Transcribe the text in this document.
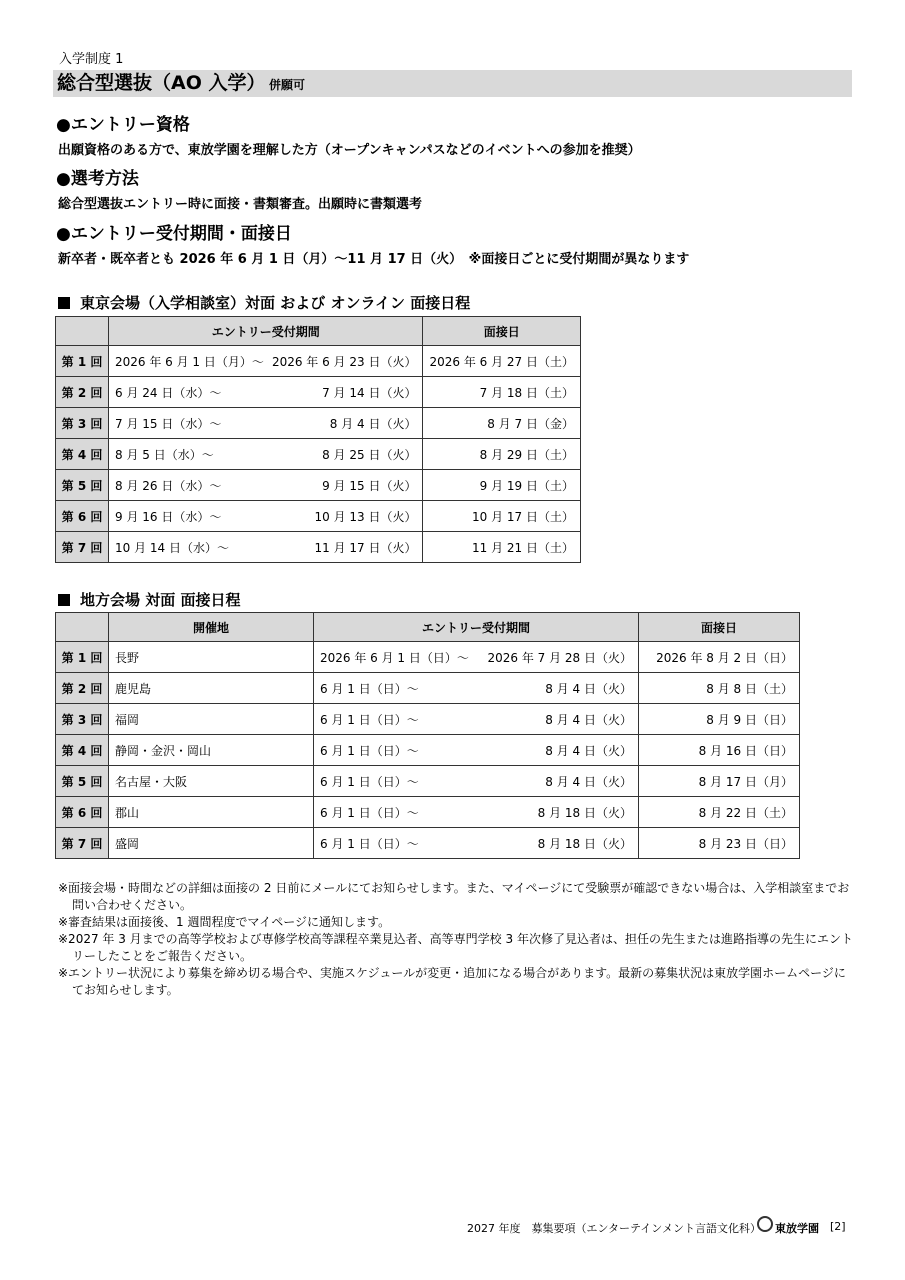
入学制度 1
総合型選抜（AO 入学） 併願可
●エントリー資格
出願資格のある方で、東放学園を理解した方（オープンキャンパスなどのイベントへの参加を推奨）
●選考方法
総合型選抜エントリー時に面接・書類審査。出願時に書類選考
●エントリー受付期間・面接日
新卒者・既卒者とも 2026 年 6 月 1 日（月）～11 月 17 日（火）　※面接日ごとに受付期間が異なります
東京会場（入学相談室）対面 および オンライン 面接日程
	エントリー受付期間	面接日
第 1 回	2026 年 6 月 1 日（月）～ 2026 年 6 月 23 日（火）	2026 年 6 月 27 日（土）
第 2 回	6 月 24 日（水）～ 7 月 14 日（火）	7 月 18 日（土）
第 3 回	7 月 15 日（水）～ 8 月 4 日（火）	8 月 7 日（金）
第 4 回	8 月 5 日（水）～ 8 月 25 日（火）	8 月 29 日（土）
第 5 回	8 月 26 日（水）～ 9 月 15 日（火）	9 月 19 日（土）
第 6 回	9 月 16 日（水）～ 10 月 13 日（火）	10 月 17 日（土）
第 7 回	10 月 14 日（水）～ 11 月 17 日（火）	11 月 21 日（土）
地方会場 対面 面接日程
	開催地	エントリー受付期間	面接日
第 1 回	長野	2026 年 6 月 1 日（日）～ 2026 年 7 月 28 日（火）	2026 年 8 月 2 日（日）
第 2 回	鹿児島	6 月 1 日（日）～ 8 月 4 日（火）	8 月 8 日（土）
第 3 回	福岡	6 月 1 日（日）～ 8 月 4 日（火）	8 月 9 日（日）
第 4 回	静岡・金沢・岡山	6 月 1 日（日）～ 8 月 4 日（火）	8 月 16 日（日）
第 5 回	名古屋・大阪	6 月 1 日（日）～ 8 月 4 日（火）	8 月 17 日（月）
第 6 回	郡山	6 月 1 日（日）～ 8 月 18 日（火）	8 月 22 日（土）
第 7 回	盛岡	6 月 1 日（日）～ 8 月 18 日（火）	8 月 23 日（日）

※面接会場・時間などの詳細は面接の 2 日前にメールにてお知らせします。また、マイページにて受験票が確認できない場合は、入学相談室までお問い合わせください。

※審査結果は面接後、1 週間程度でマイページに通知します。

※2027 年 3 月までの高等学校および専修学校高等課程卒業見込者、高等専門学校 3 年次修了見込者は、担任の先生または進路指導の先生にエントリーしたことをご報告ください。

※エントリー状況により募集を締め切る場合や、実施スケジュールが変更・追加になる場合があります。最新の募集状況は東放学園ホームページにてお知らせします。

2027 年度　募集要項（エンターテインメント言語文化科） 東放学園 [2]
